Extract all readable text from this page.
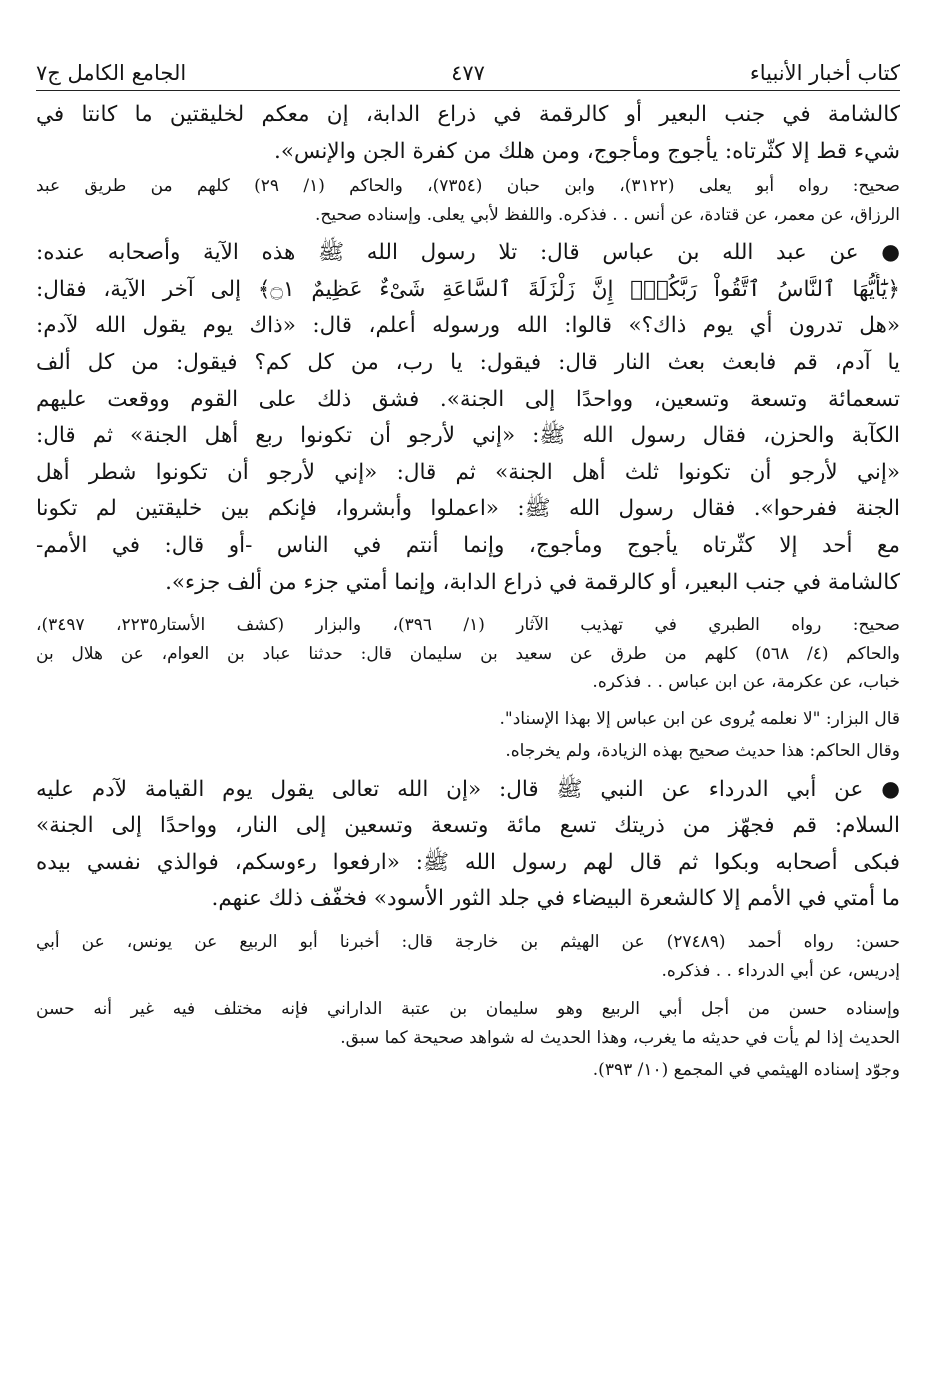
كتاب أخبار الأنبياء
٤٧٧
الجامع الكامل ج٧
كالشامة في جنب البعير أو كالرقمة في ذراع الدابة، إن معكم لخليقتين ما كانتا في
شيء قط إلا كثّرتاه: يأجوج ومأجوج، ومن هلك من كفرة الجن والإنس».
صحيح: رواه أبو يعلى (٣١٢٢)، وابن حبان (٧٣٥٤)، والحاكم (١/ ٢٩) كلهم من طريق عبد
الرزاق، عن معمر، عن قتادة، عن أنس . . فذكره. واللفظ لأبي يعلى. وإسناده صحيح.
● عن عبد الله بن عباس قال: تلا رسول الله ﷺ هذه الآية وأصحابه عنده:
﴿يَٰٓأَيُّهَا ٱلنَّاسُ ٱتَّقُواْ رَبَّكُمْۚ إِنَّ زَلْزَلَةَ ٱلسَّاعَةِ شَىْءٌ عَظِيمٌ ۝١﴾ إلى آخر الآية، فقال:
«هل تدرون أي يوم ذاك؟» قالوا: الله ورسوله أعلم، قال: «ذاك يوم يقول الله لآدم:
يا آدم، قم فابعث بعث النار قال: فيقول: يا رب، من كل كم؟ فيقول: من كل ألف
تسعمائة وتسعة وتسعين، وواحدًا إلى الجنة». فشق ذلك على القوم ووقعت عليهم
الكآبة والحزن، فقال رسول الله ﷺ: «إني لأرجو أن تكونوا ربع أهل الجنة» ثم قال:
«إني لأرجو أن تكونوا ثلث أهل الجنة» ثم قال: «إني لأرجو أن تكونوا شطر أهل
الجنة ففرحوا». فقال رسول الله ﷺ: «اعملوا وأبشروا، فإنكم بين خليقتين لم تكونا
مع أحد إلا كثّرتاه يأجوج ومأجوج، وإنما أنتم في الناس -أو قال: في الأمم-
كالشامة في جنب البعير، أو كالرقمة في ذراع الدابة، وإنما أمتي جزء من ألف جزء».
صحيح: رواه الطبري في تهذيب الآثار (١/ ٣٩٦)، والبزار (كشف الأستار٢٢٣٥، ٣٤٩٧)،
والحاكم (٤/ ٥٦٨) كلهم من طرق عن سعيد بن سليمان قال: حدثنا عباد بن العوام، عن هلال بن
خباب، عن عكرمة، عن ابن عباس . . فذكره.
قال البزار: "لا نعلمه يُروى عن ابن عباس إلا بهذا الإسناد".
وقال الحاكم: هذا حديث صحيح بهذه الزيادة، ولم يخرجاه.
● عن أبي الدرداء عن النبي ﷺ قال: «إن الله تعالى يقول يوم القيامة لآدم عليه
السلام: قم فجهّز من ذريتك تسع مائة وتسعة وتسعين إلى النار، وواحدًا إلى الجنة»
فبكى أصحابه وبكوا ثم قال لهم رسول الله ﷺ: «ارفعوا رءوسكم، فوالذي نفسي بيده
ما أمتي في الأمم إلا كالشعرة البيضاء في جلد الثور الأسود» فخفّف ذلك عنهم.
حسن: رواه أحمد (٢٧٤٨٩) عن الهيثم بن خارجة قال: أخبرنا أبو الربيع عن يونس، عن أبي
إدريس، عن أبي الدرداء . . فذكره.
وإسناده حسن من أجل أبي الربيع وهو سليمان بن عتبة الداراني فإنه مختلف فيه غير أنه حسن
الحديث إذا لم يأت في حديثه ما يغرب، وهذا الحديث له شواهد صحيحة كما سبق.
وجوّد إسناده الهيثمي في المجمع (١٠/ ٣٩٣).
